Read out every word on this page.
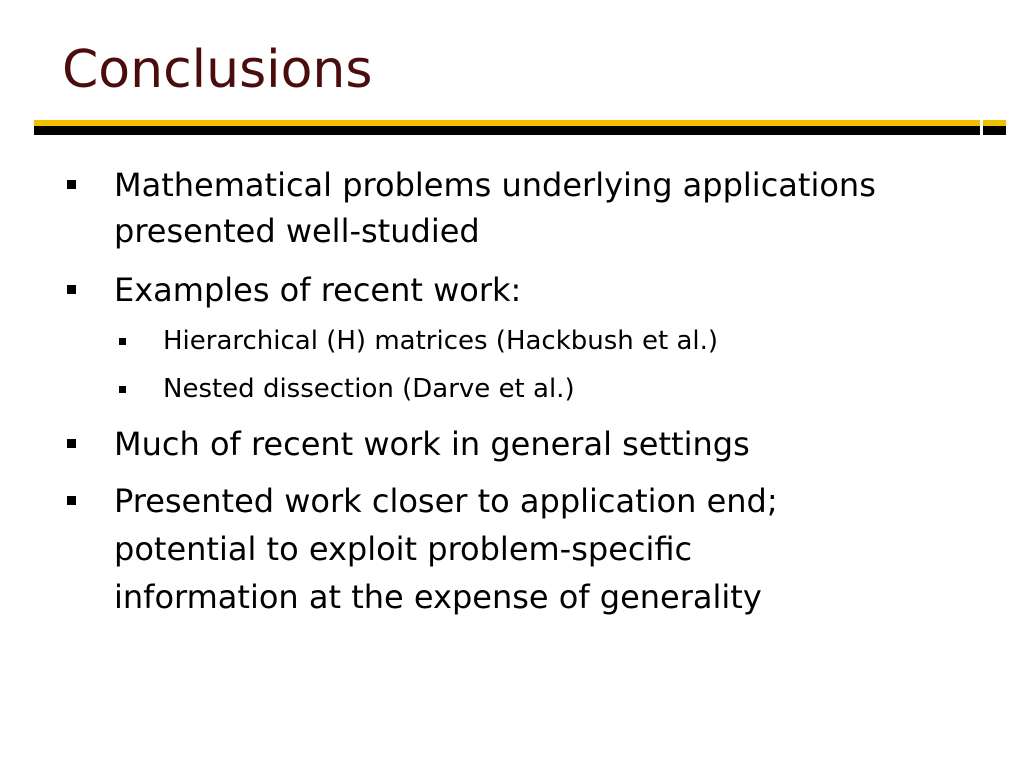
Conclusions

Mathematical problems underlying applications

presented well-studied

Examples of recent work:

Hierarchical (H) matrices (Hackbush et al.)

Nested dissection (Darve et al.)

Much of recent work in general settings

Presented work closer to application end;

potential to exploit problem-specific

information at the expense of generality
